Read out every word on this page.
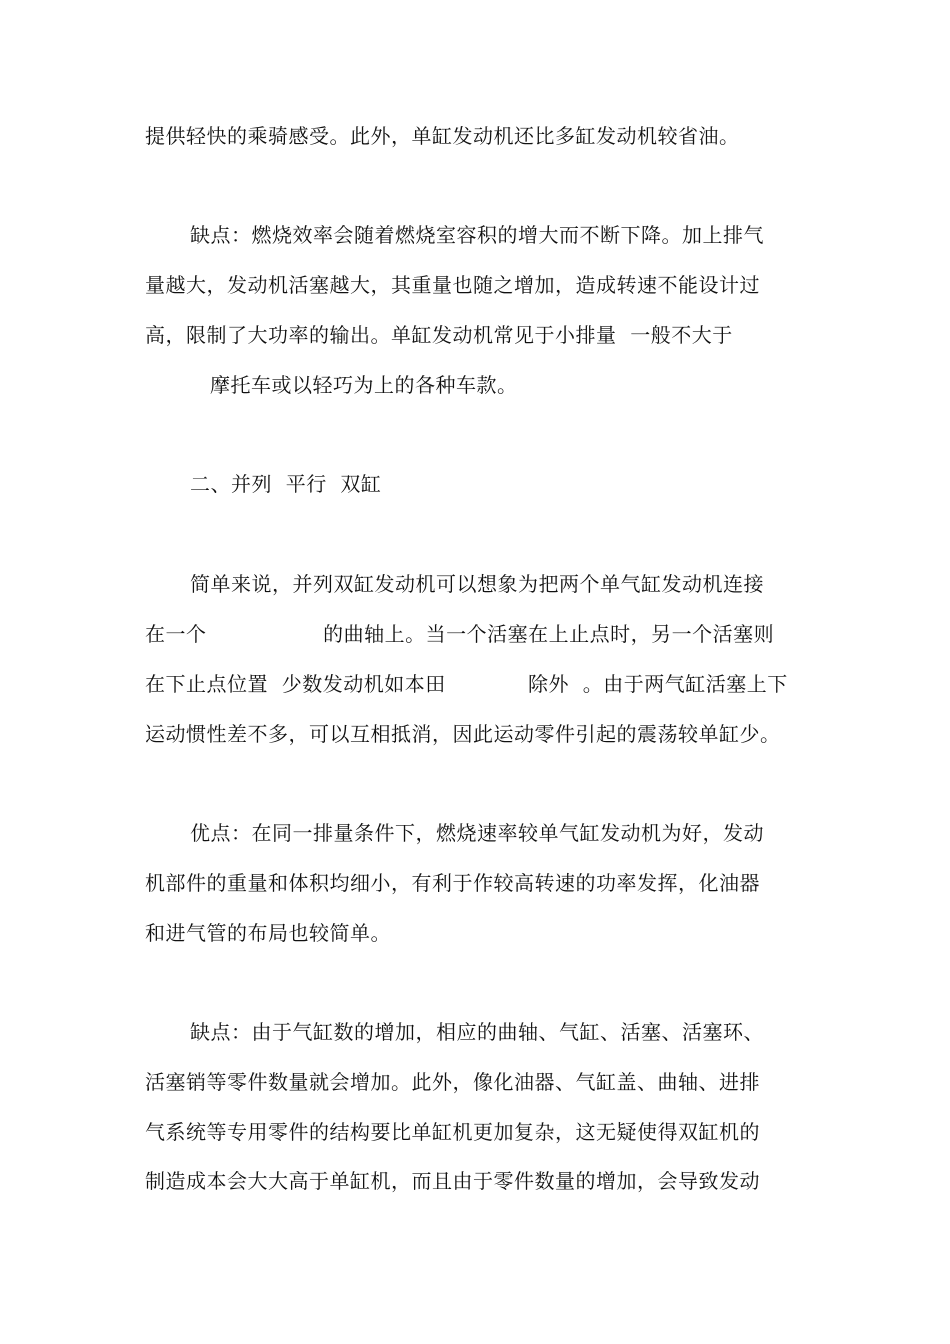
提供轻快的乘骑感受。此外，单缸发动机还比多缸发动机较省油。
缺点：燃烧效率会随着燃烧室容积的增大而不断下降。加上排气
量越大，发动机活塞越大，其重量也随之增加，造成转速不能设计过
高，限制了大功率的输出。单缸发动机常见于小排量  一般不大于
摩托车或以轻巧为上的各种车款。
二、并列  平行  双缸
简单来说，并列双缸发动机可以想象为把两个单气缸发动机连接
在一个                 的曲轴上。当一个活塞在上止点时，另一个活塞则
在下止点位置  少数发动机如本田            除外  。由于两气缸活塞上下
运动惯性差不多，可以互相抵消，因此运动零件引起的震荡较单缸少。
优点：在同一排量条件下，燃烧速率较单气缸发动机为好，发动
机部件的重量和体积均细小，有利于作较高转速的功率发挥，化油器
和进气管的布局也较简单。
缺点：由于气缸数的增加，相应的曲轴、气缸、活塞、活塞环、
活塞销等零件数量就会增加。此外，像化油器、气缸盖、曲轴、进排
气系统等专用零件的结构要比单缸机更加复杂，这无疑使得双缸机的
制造成本会大大高于单缸机，而且由于零件数量的增加，会导致发动
